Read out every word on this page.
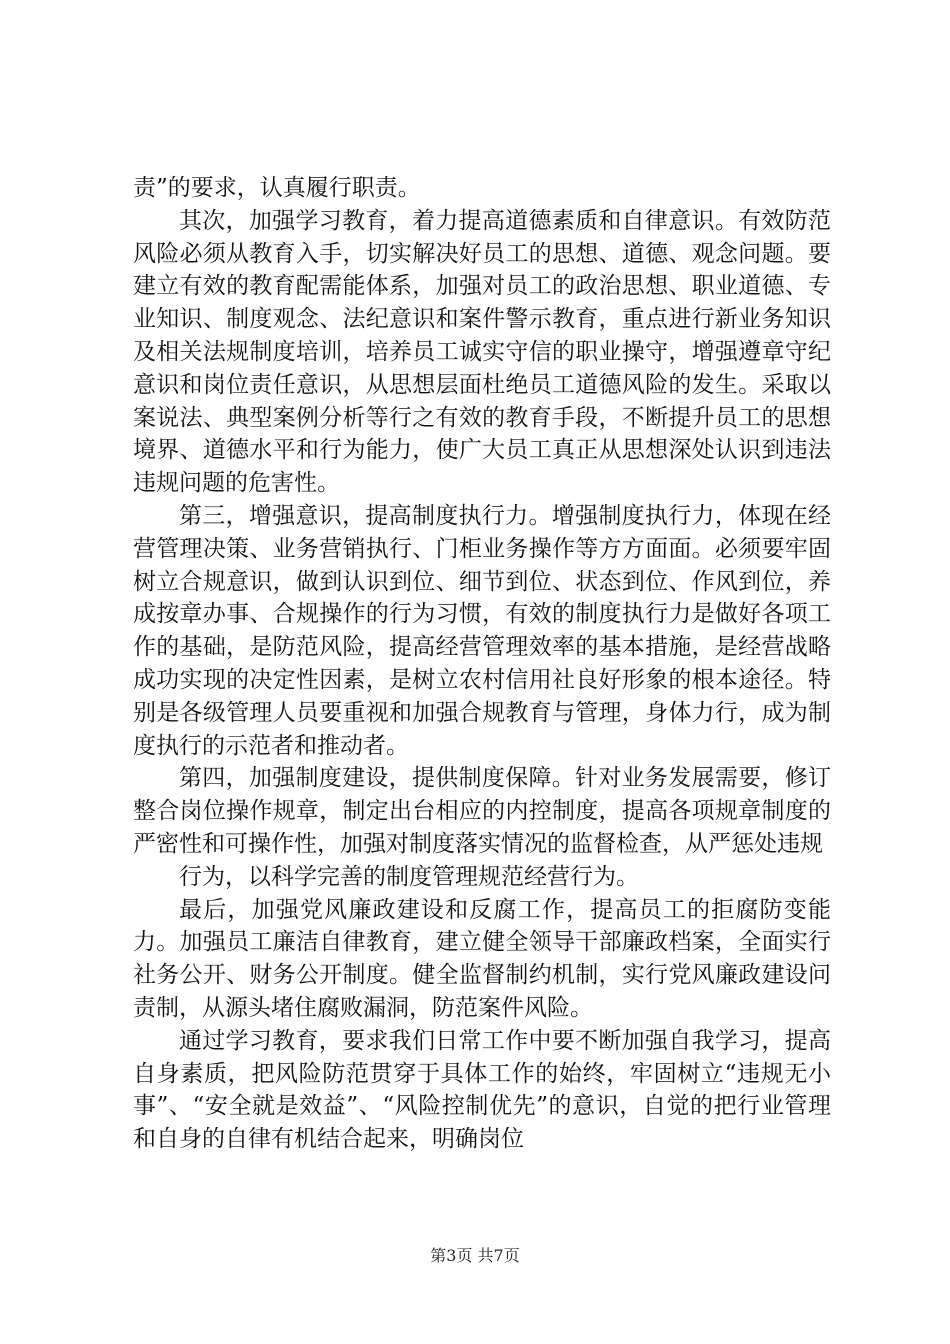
责”的要求，认真履行职责。

其次，加强学习教育，着力提高道德素质和自律意识。有效防范风险必须从教育入手，切实解决好员工的思想、道德、观念问题。要建立有效的教育配需能体系，加强对员工的政治思想、职业道德、专业知识、制度观念、法纪意识和案件警示教育，重点进行新业务知识及相关法规制度培训，培养员工诚实守信的职业操守，增强遵章守纪意识和岗位责任意识，从思想层面杜绝员工道德风险的发生。采取以案说法、典型案例分析等行之有效的教育手段，不断提升员工的思想境界、道德水平和行为能力，使广大员工真正从思想深处认识到违法违规问题的危害性。

第三，增强意识，提高制度执行力。增强制度执行力，体现在经营管理决策、业务营销执行、门柜业务操作等方方面面。必须要牢固树立合规意识，做到认识到位、细节到位、状态到位、作风到位，养成按章办事、合规操作的行为习惯，有效的制度执行力是做好各项工作的基础，是防范风险，提高经营管理效率的基本措施，是经营战略成功实现的决定性因素，是树立农村信用社良好形象的根本途径。特别是各级管理人员要重视和加强合规教育与管理，身体力行，成为制度执行的示范者和推动者。

第四，加强制度建设，提供制度保障。针对业务发展需要，修订整合岗位操作规章，制定出台相应的内控制度，提高各项规章制度的严密性和可操作性，加强对制度落实情况的监督检查，从严惩处违规

行为，以科学完善的制度管理规范经营行为。

最后，加强党风廉政建设和反腐工作，提高员工的拒腐防变能力。加强员工廉洁自律教育，建立健全领导干部廉政档案，全面实行社务公开、财务公开制度。健全监督制约机制，实行党风廉政建设问责制，从源头堵住腐败漏洞，防范案件风险。

通过学习教育，要求我们日常工作中要不断加强自我学习，提高自身素质，把风险防范贯穿于具体工作的始终，牢固树立“违规无小事”、“安全就是效益”、“风险控制优先”的意识，自觉的把行业管理和自身的自律有机结合起来，明确岗位

第3页 共7页
